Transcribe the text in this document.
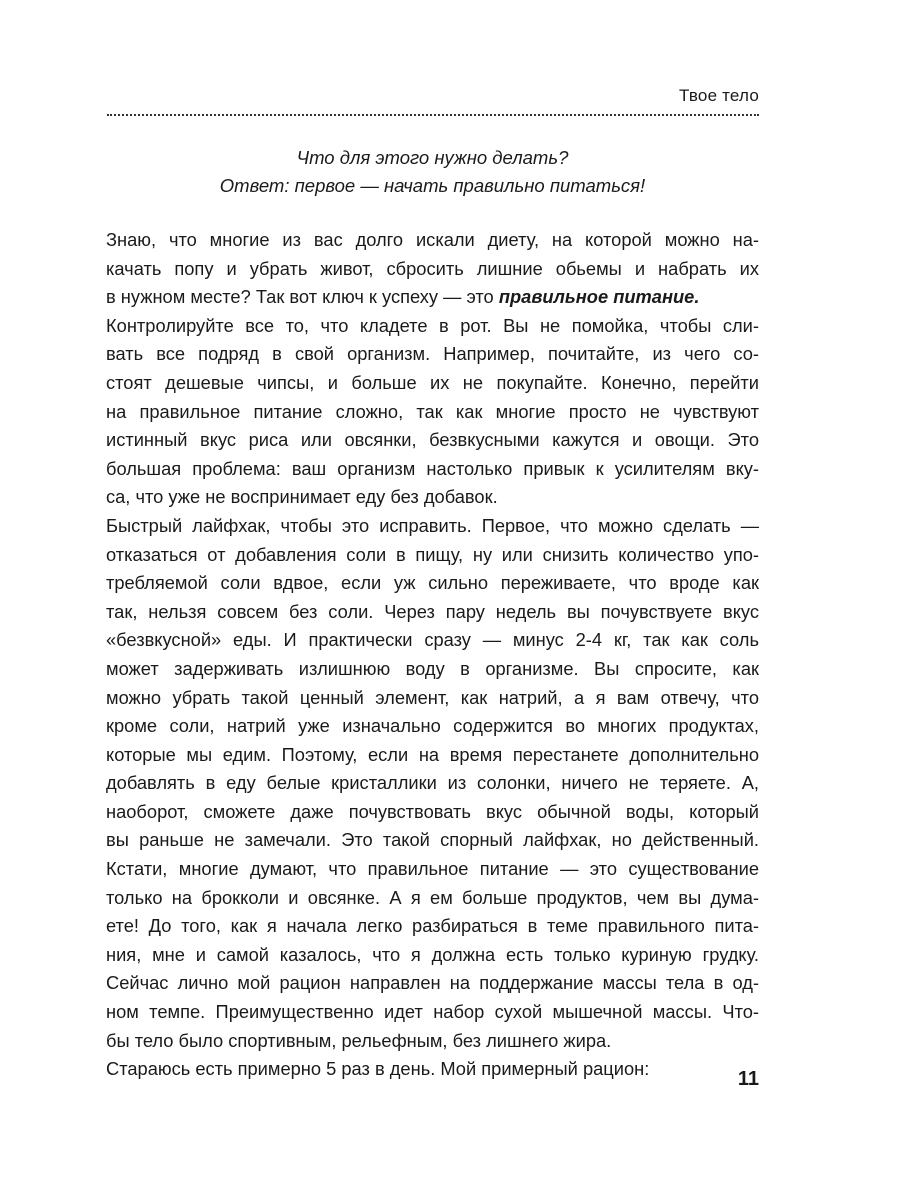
Твое тело
Что для этого нужно делать?
Ответ: первое — начать правильно питаться!
Знаю, что многие из вас долго искали диету, на которой можно на-
качать попу и убрать живот, сбросить лишние обьемы и набрать их
в нужном месте? Так вот ключ к успеху — это правильное питание.
Контролируйте все то, что кладете в рот. Вы не помойка, чтобы сли-
вать все подряд в свой организм. Например, почитайте, из чего со-
стоят дешевые чипсы, и больше их не покупайте. Конечно, перейти
на правильное питание сложно, так как многие просто не чувствуют
истинный вкус риса или овсянки, безвкусными кажутся и овощи. Это
большая проблема: ваш организм настолько привык к усилителям вку-
са, что уже не воспринимает еду без добавок.
Быстрый лайфхак, чтобы это исправить. Первое, что можно сделать —
отказаться от добавления соли в пищу, ну или снизить количество упо-
требляемой соли вдвое, если уж сильно переживаете, что вроде как
так, нельзя совсем без соли. Через пару недель вы почувствуете вкус
«безвкусной» еды. И практически сразу — минус 2-4 кг, так как соль
может задерживать излишнюю воду в организме. Вы спросите, как
можно убрать такой ценный элемент, как натрий, а я вам отвечу, что
кроме соли, натрий уже изначально содержится во многих продуктах,
которые мы едим. Поэтому, если на время перестанете дополнительно
добавлять в еду белые кристаллики из солонки, ничего не теряете. А,
наоборот, сможете даже почувствовать вкус обычной воды, который
вы раньше не замечали. Это такой спорный лайфхак, но действенный.
Кстати, многие думают, что правильное питание — это существование
только на брокколи и овсянке. А я ем больше продуктов, чем вы дума-
ете! До того, как я начала легко разбираться в теме правильного пита-
ния, мне и самой казалось, что я должна есть только куриную грудку.
Сейчас лично мой рацион направлен на поддержание массы тела в од-
ном темпе. Преимущественно идет набор сухой мышечной массы. Что-
бы тело было спортивным, рельефным, без лишнего жира.
Стараюсь есть примерно 5 раз в день. Мой примерный рацион:	11
